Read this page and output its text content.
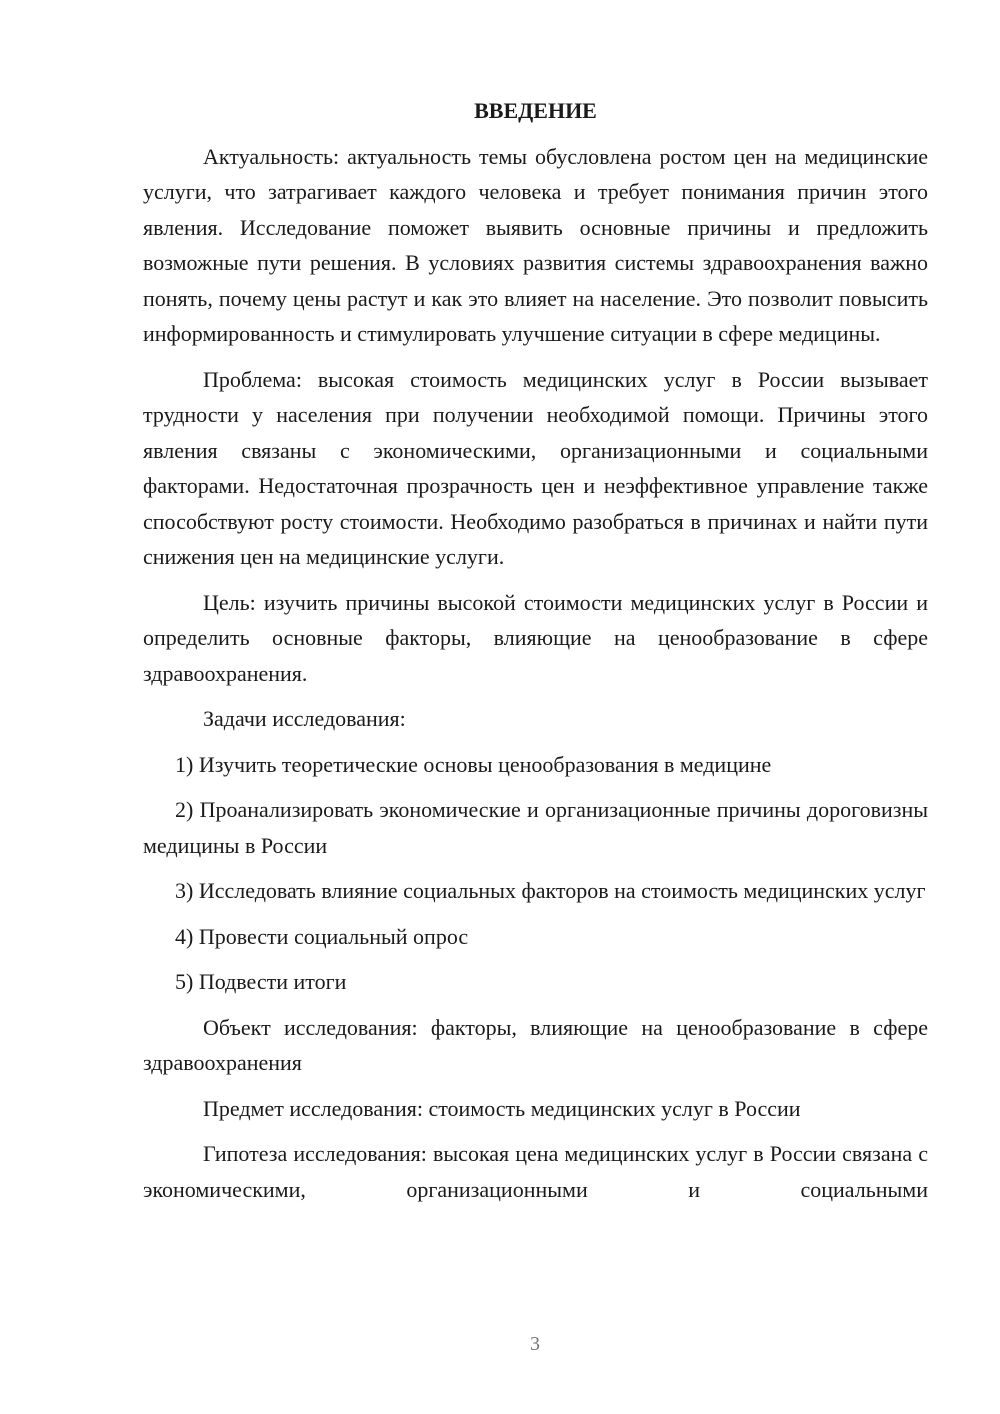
ВВЕДЕНИЕ
Актуальность: актуальность темы обусловлена ростом цен на медицинские услуги, что затрагивает каждого человека и требует понимания причин этого явления. Исследование поможет выявить основные причины и предложить возможные пути решения. В условиях развития системы здравоохранения важно понять, почему цены растут и как это влияет на население. Это позволит повысить информированность и стимулировать улучшение ситуации в сфере медицины.
Проблема: высокая стоимость медицинских услуг в России вызывает трудности у населения при получении необходимой помощи. Причины этого явления связаны с экономическими, организационными и социальными факторами. Недостаточная прозрачность цен и неэффективное управление также способствуют росту стоимости. Необходимо разобраться в причинах и найти пути снижения цен на медицинские услуги.
Цель: изучить причины высокой стоимости медицинских услуг в России и определить основные факторы, влияющие на ценообразование в сфере здравоохранения.
Задачи исследования:
1) Изучить теоретические основы ценообразования в медицине
2) Проанализировать экономические и организационные причины дороговизны медицины в России
3) Исследовать влияние социальных факторов на стоимость медицинских услуг
4) Провести социальный опрос
5) Подвести итоги
Объект исследования: факторы, влияющие на ценообразование в сфере здравоохранения
Предмет исследования: стоимость медицинских услуг в России
Гипотеза исследования: высокая цена медицинских услуг в России связана с экономическими, организационными и социальными
3
